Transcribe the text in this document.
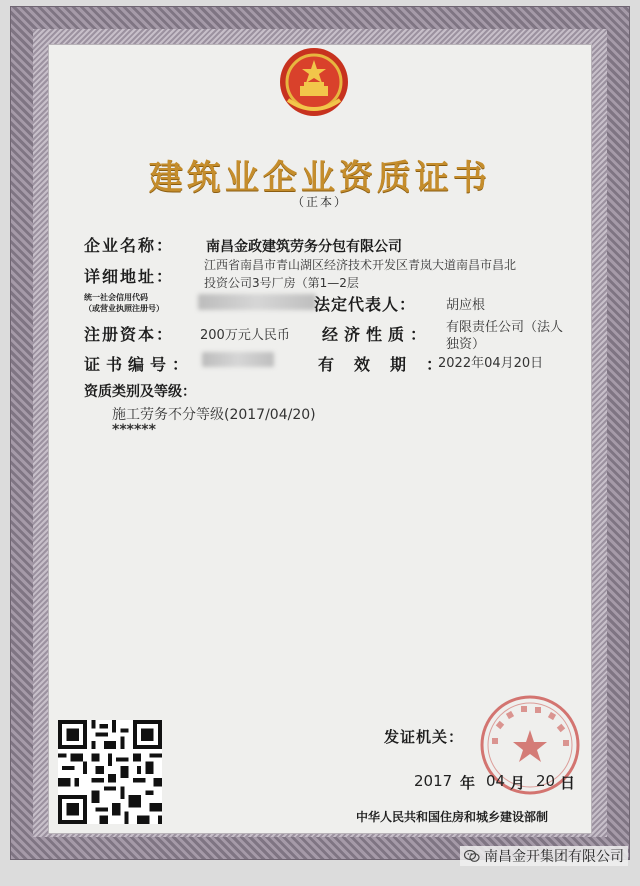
建筑业企业资质证书
（正本）
企业名称： 南昌金政建筑劳务分包有限公司
详细地址：
江西省南昌市青山湖区经济技术开发区青岚大道南昌市昌北
投资公司3号厂房（第1—2层
统一社会信用代码
（或营业执照注册号）	法定代表人： 胡应根
注册资本： 200万元人民币 经济性质： 有限责任公司（法人
独资）
证书编号：	有效期：
2022年04月20日
资质类别及等级：
施工劳务不分等级(2017/04/20)
******
发证机关：
2017 年 04 月 20 日
中华人民共和国住房和城乡建设部制
南昌金开集团有限公司
